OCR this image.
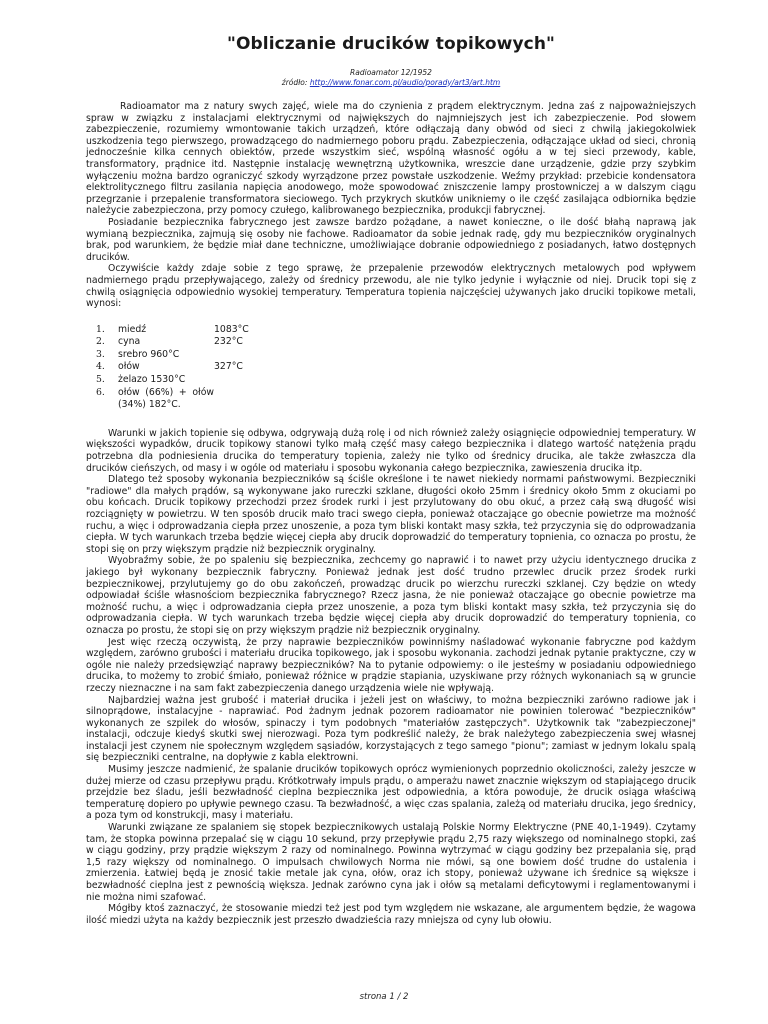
"Obliczanie drucików topikowych"
Radioamator 12/1952
źródło: http://www.fonar.com.pl/audio/porady/art3/art.htm

Radioamator ma z natury swych zajęć, wiele ma do czynienia z prądem elektrycznym. Jedna zaś z najpoważniejszych spraw w związku z instalacjami elektrycznymi od największych do najmniejszych jest ich zabezpieczenie. Pod słowem zabezpieczenie, rozumiemy wmontowanie takich urządzeń, które odłączają dany obwód od sieci z chwilą jakiegokolwiek uszkodzenia tego pierwszego, prowadzącego do nadmiernego poboru prądu. Zabezpieczenia, odłączające układ od sieci, chronią jednocześnie kilka cennych obiektów, przede wszystkim sieć, wspólną własność ogółu a w tej sieci przewody, kable, transformatory, prądnice itd. Następnie instalację wewnętrzną użytkownika, wreszcie dane urządzenie, gdzie przy szybkim wyłączeniu można bardzo ograniczyć szkody wyrządzone przez powstałe uszkodzenie. Weźmy przykład: przebicie kondensatora elektrolitycznego filtru zasilania napięcia anodowego, może spowodować zniszczenie lampy prostowniczej a w dalszym ciągu przegrzanie i przepalenie transformatora sieciowego. Tych przykrych skutków unikniemy o ile część zasilająca odbiornika będzie należycie zabezpieczona, przy pomocy czułego, kalibrowanego bezpiecznika, produkcji fabrycznej.

Posiadanie bezpiecznika fabrycznego jest zawsze bardzo pożądane, a nawet konieczne, o ile dość błahą naprawą jak wymianą bezpiecznika, zajmują się osoby nie fachowe. Radioamator da sobie jednak radę, gdy mu bezpieczników oryginalnych brak, pod warunkiem, że będzie miał dane techniczne, umożliwiające dobranie odpowiedniego z posiadanych, łatwo dostępnych drucików.

Oczywiście każdy zdaje sobie z tego sprawę, że przepalenie przewodów elektrycznych metalowych pod wpływem nadmiernego prądu przepływającego, zależy od średnicy przewodu, ale nie tylko jedynie i wyłącznie od niej. Drucik topi się z chwilą osiągnięcia odpowiednio wysokiej temperatury. Temperatura topienia najczęściej używanych jako druciki topikowe metali, wynosi:

1.	miedź	1083°C
2.	cyna	232°C
3.	srebro 960°C
4.	ołów	327°C
5.	żelazo 1530°C
6.	ołów (66%) + ołów (34%) 182°C.

Warunki w jakich topienie się odbywa, odgrywają dużą rolę i od nich również zależy osiągnięcie odpowiedniej temperatury. W większości wypadków, drucik topikowy stanowi tylko małą część masy całego bezpiecznika i dlatego wartość natężenia prądu potrzebna dla podniesienia drucika do temperatury topienia, zależy nie tylko od średnicy drucika, ale także zwłaszcza dla drucików cieńszych, od masy i w ogóle od materiału i sposobu wykonania całego bezpiecznika, zawieszenia drucika itp.

Dlatego też sposoby wykonania bezpieczników są ściśle określone i te nawet niekiedy normami państwowymi. Bezpieczniki "radiowe" dla małych prądów, są wykonywane jako rureczki szklane, długości około 25mm i średnicy około 5mm z okuciami po obu końcach. Drucik topikowy przechodzi przez środek rurki i jest przylutowany do obu okuć, a przez całą swą długość wisi rozciągnięty w powietrzu. W ten sposób drucik mało traci swego ciepła, ponieważ otaczające go obecnie powietrze ma możność ruchu, a więc i odprowadzania ciepła przez unoszenie, a poza tym bliski kontakt masy szkła, też przyczynia się do odprowadzania ciepła. W tych warunkach trzeba będzie więcej ciepła aby drucik doprowadzić do temperatury topnienia, co oznacza po prostu, że stopi się on przy większym prądzie niż bezpiecznik oryginalny.

Wyobraźmy sobie, że po spaleniu się bezpiecznika, zechcemy go naprawić i to nawet przy użyciu identycznego drucika z jakiego był wykonany bezpiecznik fabryczny. Ponieważ jednak jest dość trudno przewlec drucik przez środek rurki bezpiecznikowej, przylutujemy go do obu zakończeń, prowadząc drucik po wierzchu rureczki szklanej. Czy będzie on wtedy odpowiadał ściśle własnościom bezpiecznika fabrycznego? Rzecz jasna, że nie ponieważ otaczające go obecnie powietrze ma możność ruchu, a więc i odprowadzania ciepła przez unoszenie, a poza tym bliski kontakt masy szkła, też przyczynia się do odprowadzania ciepła. W tych warunkach trzeba będzie więcej ciepła aby drucik doprowadzić do temperatury topnienia, co oznacza po prostu, że stopi się on przy większym prądzie niż bezpiecznik oryginalny.

Jest więc rzeczą oczywistą, że przy naprawie bezpieczników powinniśmy naśladować wykonanie fabryczne pod każdym względem, zarówno grubości i materiału drucika topikowego, jak i sposobu wykonania. zachodzi jednak pytanie praktyczne, czy w ogóle nie należy przedsięwziąć naprawy bezpieczników? Na to pytanie odpowiemy: o ile jesteśmy w posiadaniu odpowiedniego drucika, to możemy to zrobić śmiało, ponieważ różnice w prądzie stapiania, uzyskiwane przy różnych wykonaniach są w gruncie rzeczy nieznaczne i na sam fakt zabezpieczenia danego urządzenia wiele nie wpływają.

Najbardziej ważna jest grubość i materiał drucika i jeżeli jest on właściwy, to można bezpieczniki zarówno radiowe jak i silnoprądowe, instalacyjne - naprawiać. Pod żadnym jednak pozorem radioamator nie powinien tolerować "bezpieczników" wykonanych ze szpilek do włosów, spinaczy i tym podobnych "materiałów zastępczych". Użytkownik tak "zabezpieczonej" instalacji, odczuje kiedyś skutki swej nierozwagi. Poza tym podkreślić należy, że brak należytego zabezpieczenia swej własnej instalacji jest czynem nie społecznym względem sąsiadów, korzystających z tego samego "pionu"; zamiast w jednym lokalu spalą się bezpieczniki centralne, na dopływie z kabla elektrowni.

Musimy jeszcze nadmienić, że spalanie drucików topikowych oprócz wymienionych poprzednio okoliczności, zależy jeszcze w dużej mierze od czasu przepływu prądu. Krótkotrwały impuls prądu, o amperażu nawet znacznie większym od stapiającego drucik przejdzie bez śladu, jeśli bezwładność cieplna bezpiecznika jest odpowiednia, a która powoduje, że drucik osiąga właściwą temperaturę dopiero po upływie pewnego czasu. Ta bezwładność, a więc czas spalania, zależą od materiału drucika, jego średnicy, a poza tym od konstrukcji, masy i materiału.

Warunki związane ze spalaniem się stopek bezpiecznikowych ustalają Polskie Normy Elektryczne (PNE 40,1-1949). Czytamy tam, że stopka powinna przepalać się w ciągu 10 sekund, przy przepływie prądu 2,75 razy większego od nominalnego stopki, zaś w ciągu godziny, przy prądzie większym 2 razy od nominalnego. Powinna wytrzymać w ciągu godziny bez przepalania się, prąd 1,5 razy większy od nominalnego. O impulsach chwilowych Norma nie mówi, są one bowiem dość trudne do ustalenia i zmierzenia. Łatwiej będą je znosić takie metale jak cyna, ołów, oraz ich stopy, ponieważ używane ich średnice są większe i bezwładność cieplna jest z pewnością większa. Jednak zarówno cyna jak i ołów są metalami deficytowymi i reglamentowanymi i nie można nimi szafować.

Mógłby ktoś zaznaczyć, że stosowanie miedzi też jest pod tym względem nie wskazane, ale argumentem będzie, że wagowa ilość miedzi użyta na każdy bezpiecznik jest przeszło dwadzieścia razy mniejsza od cyny lub ołowiu.

strona 1 / 2
